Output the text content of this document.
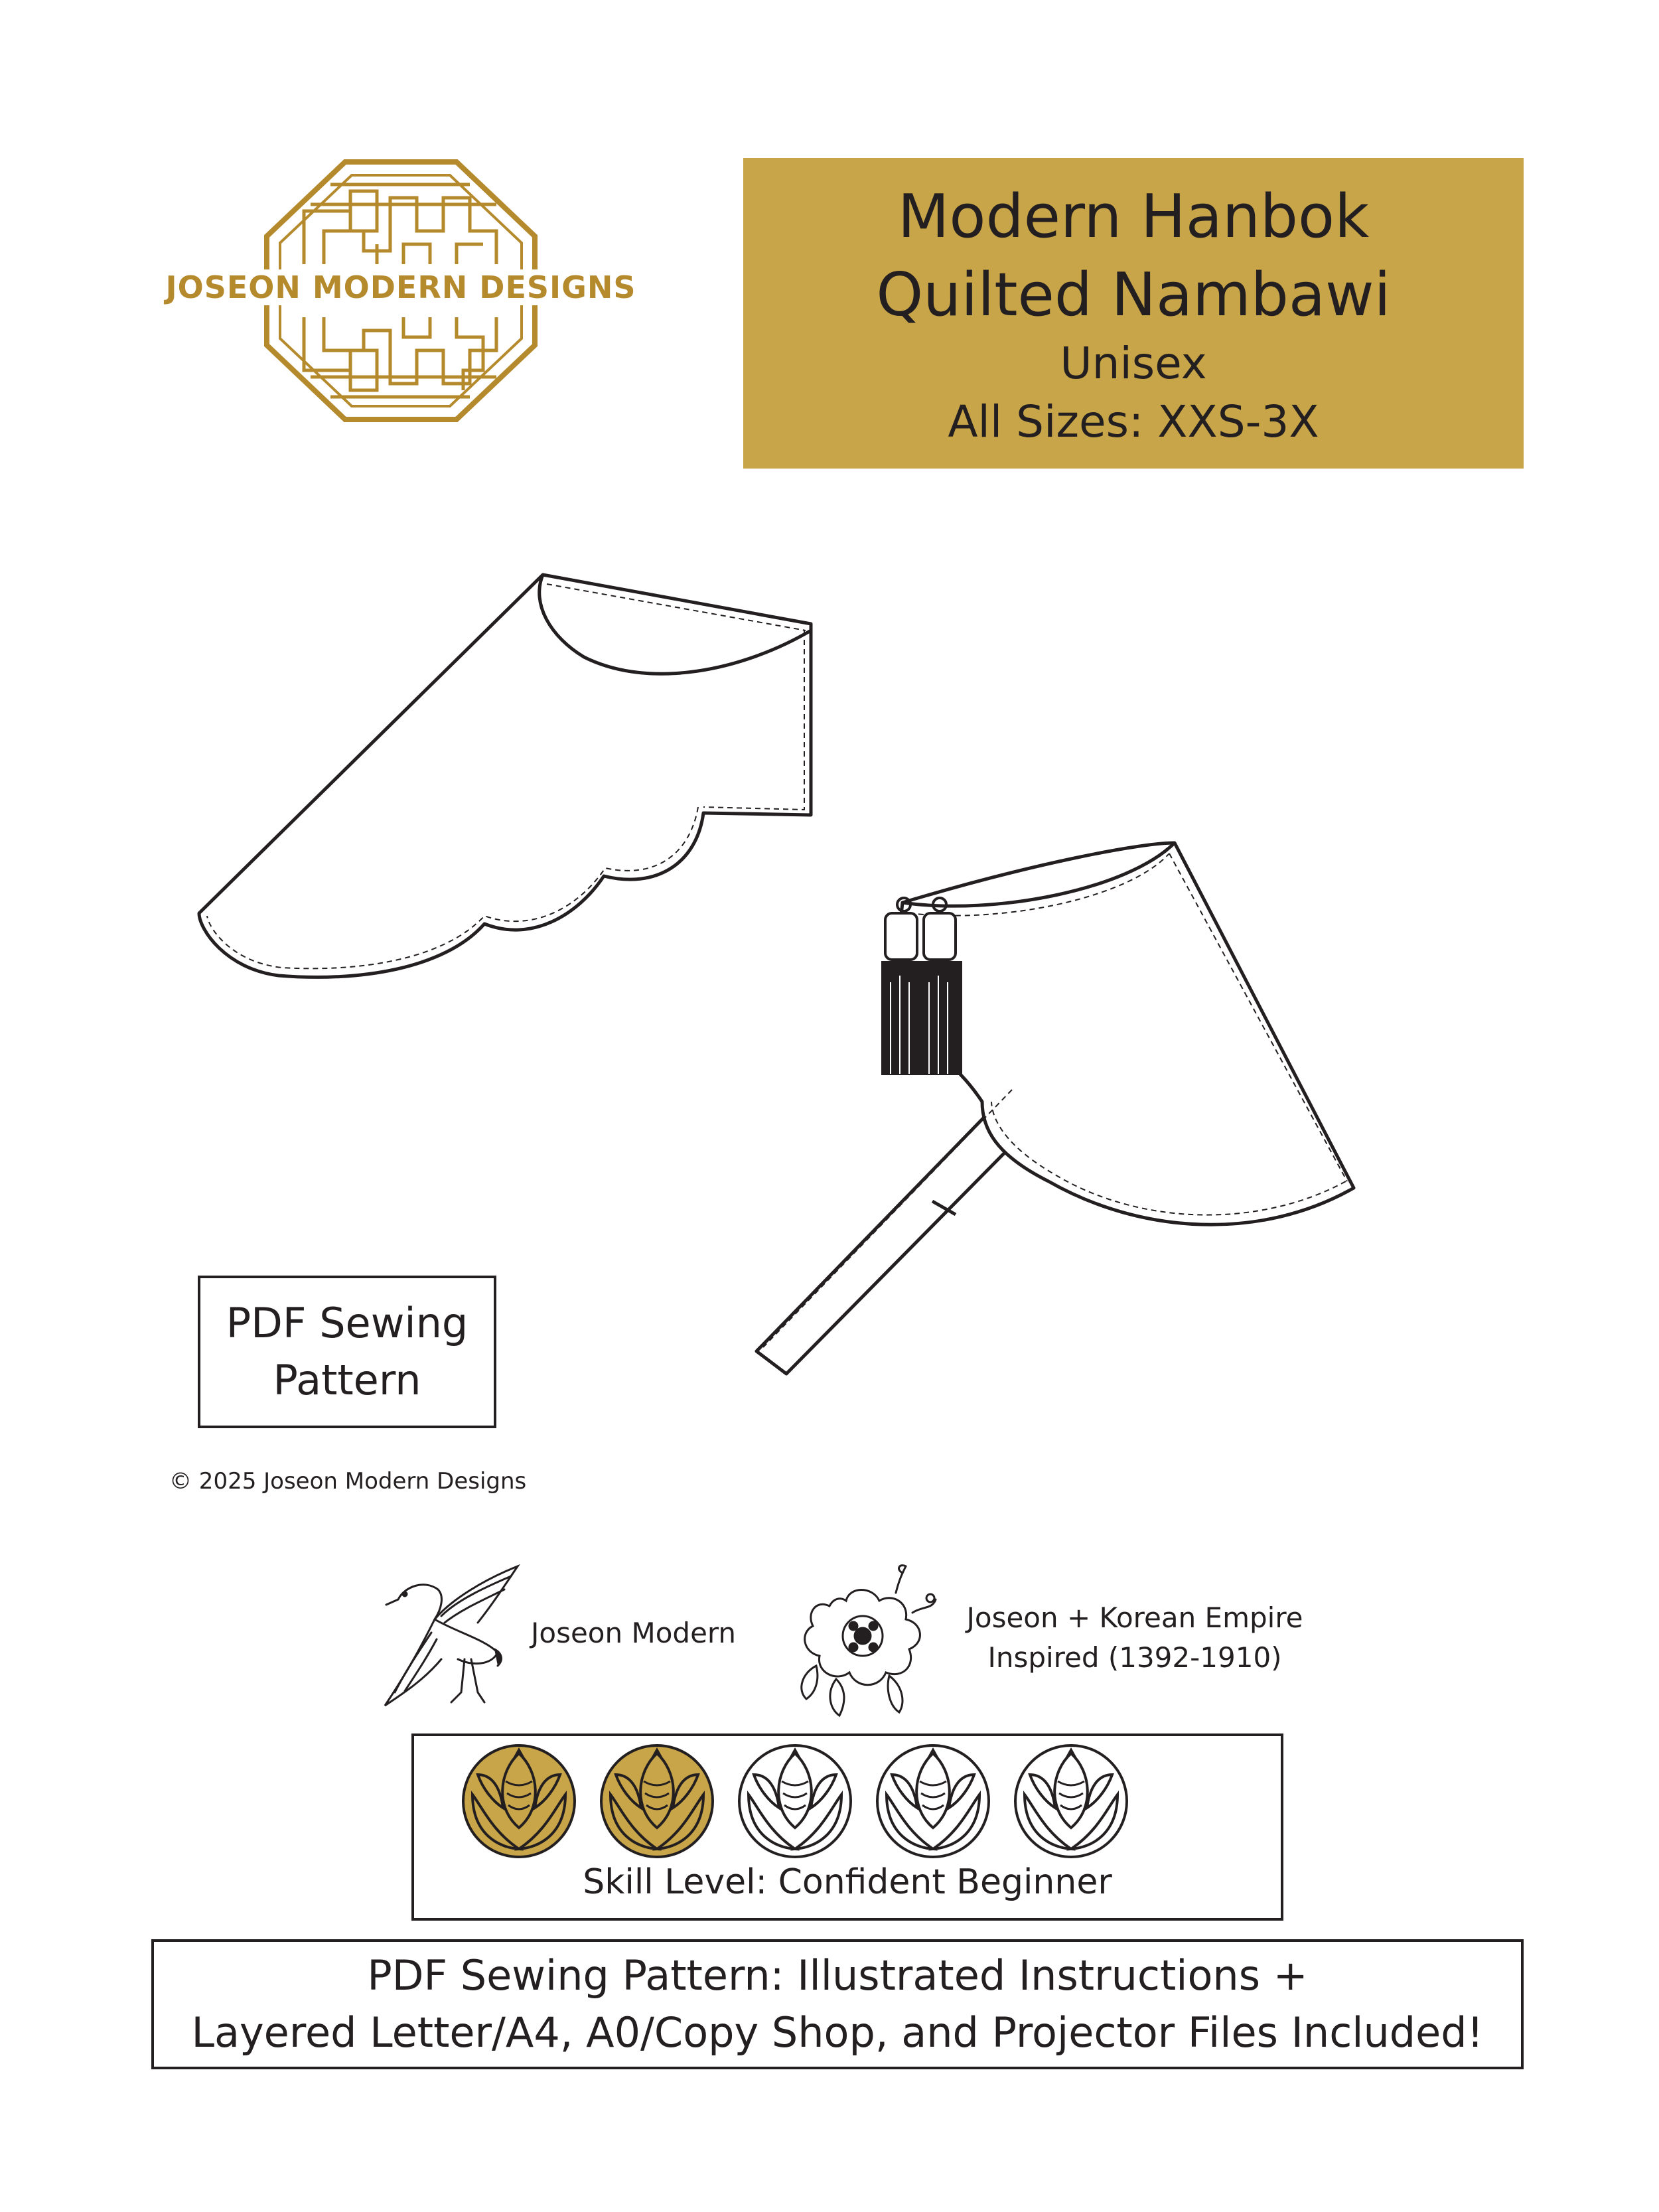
JOSEON MODERN DESIGNS
Modern Hanbok
Quilted Nambawi
Unisex
All Sizes: XXS-3X
PDF Sewing
Pattern
© 2025 Joseon Modern Designs
Joseon Modern	Joseon + Korean Empire
Inspired (1392-1910)
Skill Level: Confident Beginner
PDF Sewing Pattern: Illustrated Instructions +
Layered Letter/A4, A0/Copy Shop, and Projector Files Included!
